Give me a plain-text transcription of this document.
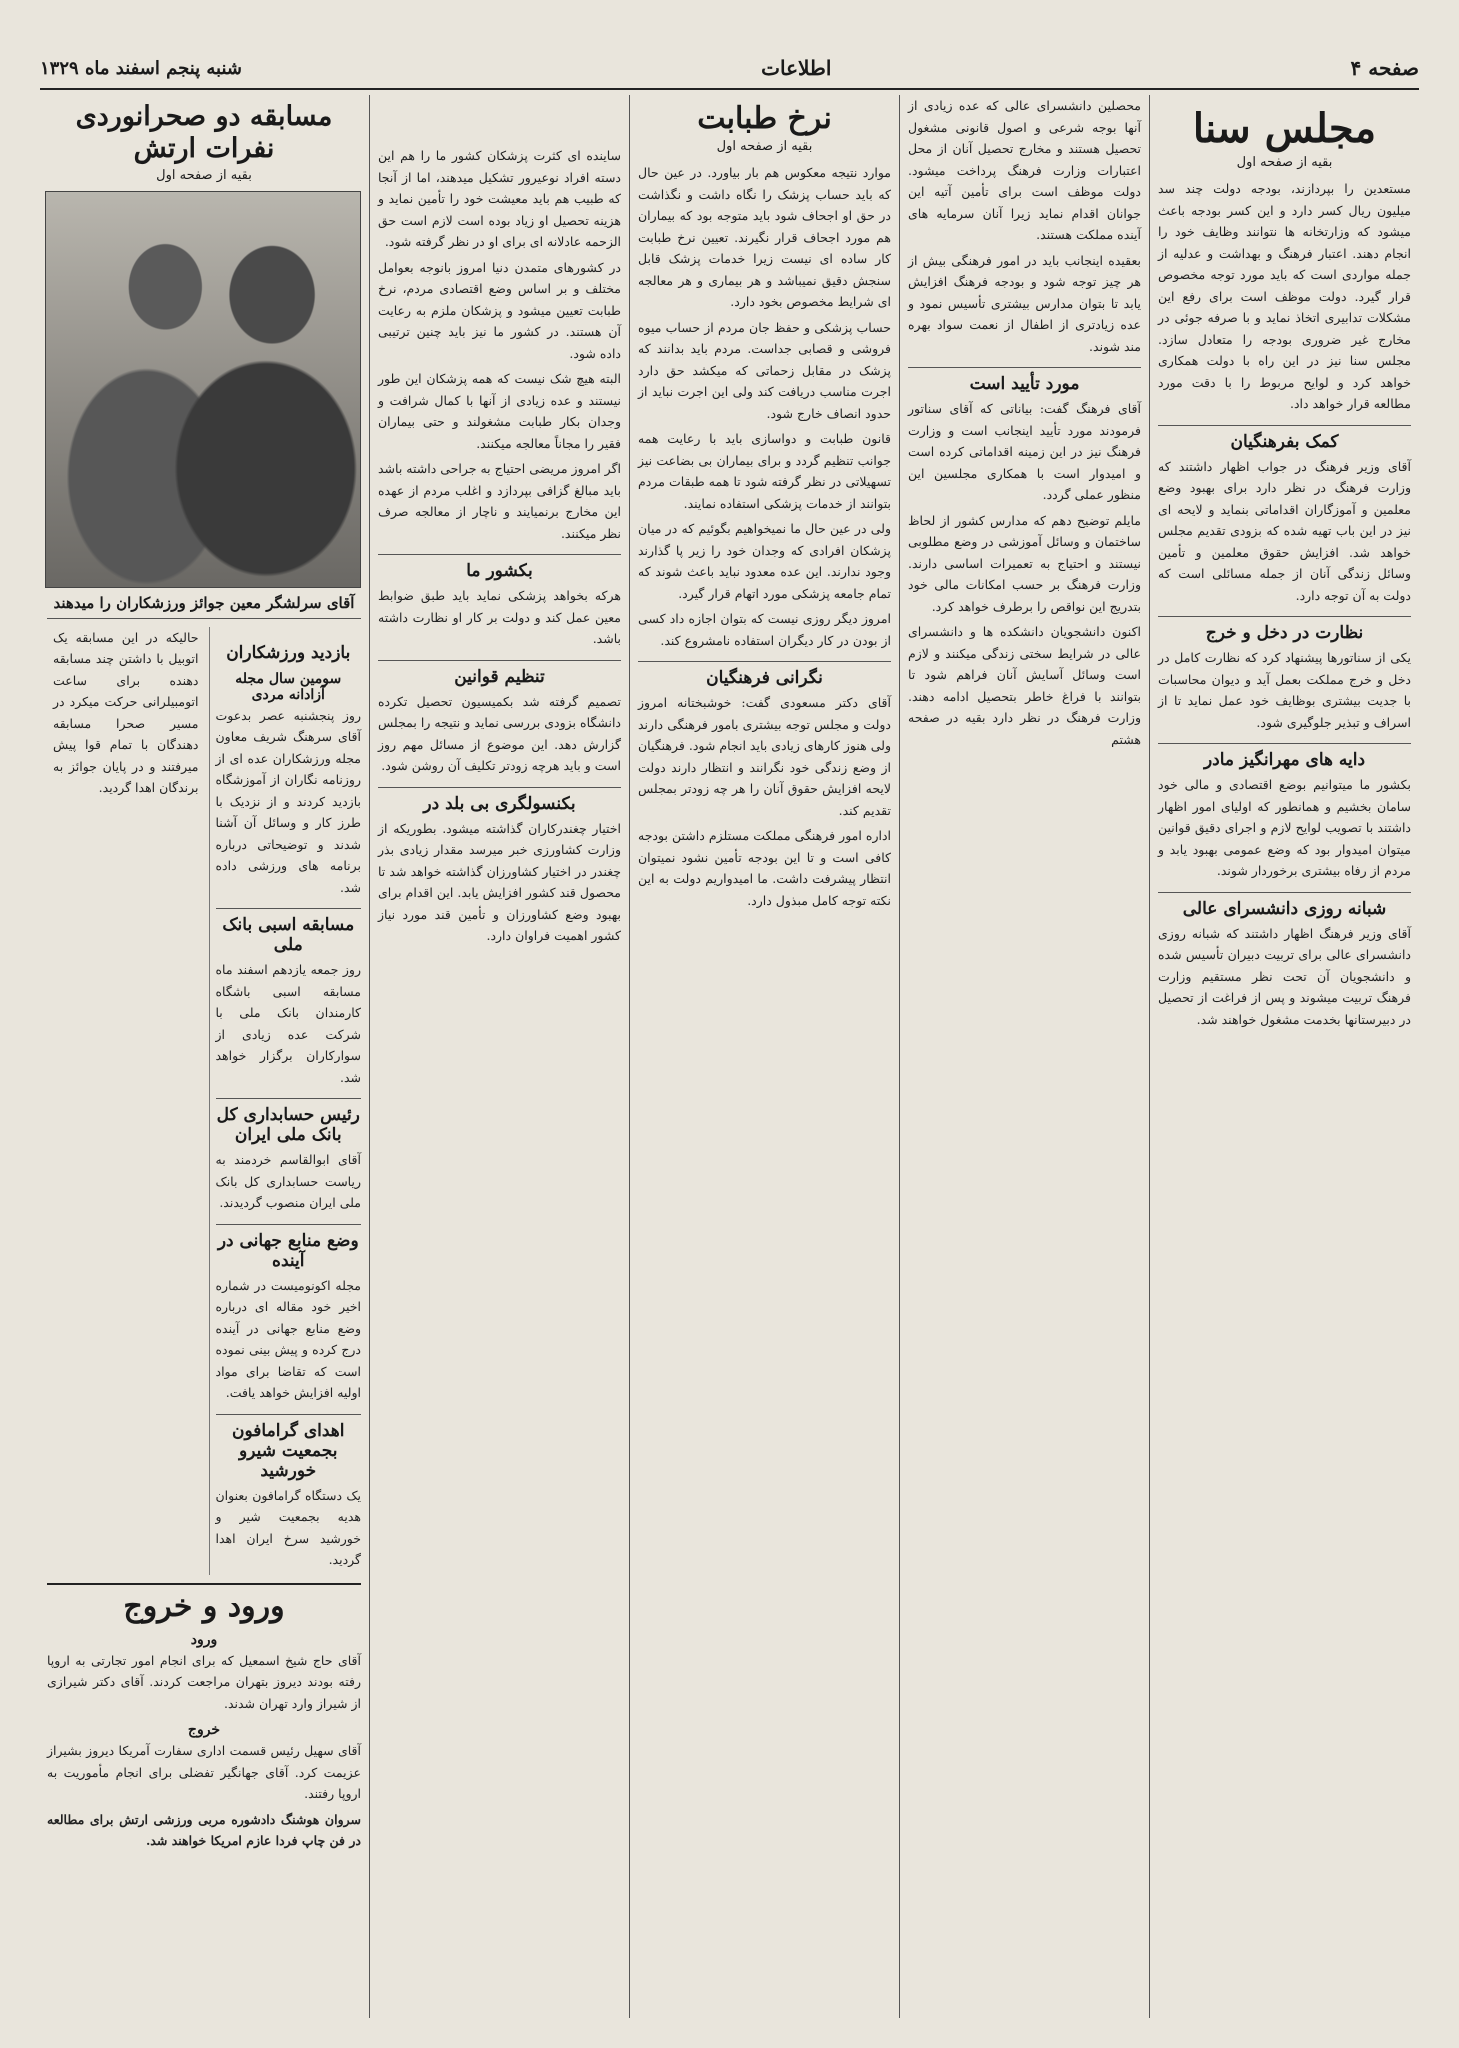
صفحه ۴
اطلاعات
شنبه پنجم اسفند ماه ۱۳۲۹
مجلس سنا
بقیه از صفحه اول

مستعدین را بپردازند، بودجه دولت چند سد میلیون ریال کسر دارد و این کسر بودجه باعث میشود که وزارتخانه ها نتوانند وظایف خود را انجام دهند. اعتبار فرهنگ و بهداشت و عدلیه از جمله مواردی است که باید مورد توجه مخصوص قرار گیرد. دولت موظف است برای رفع این مشکلات تدابیری اتخاذ نماید و با صرفه جوئی در مخارج غیر ضروری بودجه را متعادل سازد. مجلس سنا نیز در این راه با دولت همکاری خواهد کرد و لوایح مربوط را با دقت مورد مطالعه قرار خواهد داد.

کمک بفرهنگیان

آقای وزیر فرهنگ در جواب اظهار داشتند که وزارت فرهنگ در نظر دارد برای بهبود وضع معلمین و آموزگاران اقداماتی بنماید و لایحه ای نیز در این باب تهیه شده که بزودی تقدیم مجلس خواهد شد. افزایش حقوق معلمین و تأمین وسائل زندگی آنان از جمله مسائلی است که دولت به آن توجه دارد.

نظارت در دخل و خرج

یکی از سناتورها پیشنهاد کرد که نظارت کامل در دخل و خرج مملکت بعمل آید و دیوان محاسبات با جدیت بیشتری بوظایف خود عمل نماید تا از اسراف و تبذیر جلوگیری شود.

دایه های مهرانگیز مادر

بکشور ما میتوانیم بوضع اقتصادی و مالی خود سامان بخشیم و همانطور که اولیای امور اظهار داشتند با تصویب لوایح لازم و اجرای دقیق قوانین میتوان امیدوار بود که وضع عمومی بهبود یابد و مردم از رفاه بیشتری برخوردار شوند.

شبانه روزی دانشسرای عالی

آقای وزیر فرهنگ اظهار داشتند که شبانه روزی دانشسرای عالی برای تربیت دبیران تأسیس شده و دانشجویان آن تحت نظر مستقیم وزارت فرهنگ تربیت میشوند و پس از فراغت از تحصیل در دبیرستانها بخدمت مشغول خواهند شد.

محصلین دانشسرای عالی که عده زیادی از آنها بوجه شرعی و اصول قانونی مشغول تحصیل هستند و مخارج تحصیل آنان از محل اعتبارات وزارت فرهنگ پرداخت میشود. دولت موظف است برای تأمین آتیه این جوانان اقدام نماید زیرا آنان سرمایه های آینده مملکت هستند.

بعقیده اینجانب باید در امور فرهنگی بیش از هر چیز توجه شود و بودجه فرهنگ افزایش یابد تا بتوان مدارس بیشتری تأسیس نمود و عده زیادتری از اطفال از نعمت سواد بهره مند شوند.

مورد تأیید است

آقای فرهنگ گفت: بیاناتی که آقای سناتور فرمودند مورد تأیید اینجانب است و وزارت فرهنگ نیز در این زمینه اقداماتی کرده است و امیدوار است با همکاری مجلسین این منظور عملی گردد.

مایلم توضیح دهم که مدارس کشور از لحاظ ساختمان و وسائل آموزشی در وضع مطلوبی نیستند و احتیاج به تعمیرات اساسی دارند. وزارت فرهنگ بر حسب امکانات مالی خود بتدریج این نواقص را برطرف خواهد کرد.

اکنون دانشجویان دانشکده ها و دانشسرای عالی در شرایط سختی زندگی میکنند و لازم است وسائل آسایش آنان فراهم شود تا بتوانند با فراغ خاطر بتحصیل ادامه دهند. وزارت فرهنگ در نظر دارد بقیه در صفحه هشتم

نرخ طبابت
بقیه از صفحه اول

موارد نتیجه معکوس هم بار بیاورد. در عین حال که باید حساب پزشک را نگاه داشت و نگذاشت در حق او اجحاف شود باید متوجه بود که بیماران هم مورد اجحاف قرار نگیرند. تعیین نرخ طبابت کار ساده ای نیست زیرا خدمات پزشک قابل سنجش دقیق نمیباشد و هر بیماری و هر معالجه ای شرایط مخصوص بخود دارد.

حساب پزشکی و حفظ جان مردم از حساب میوه فروشی و قصابی جداست. مردم باید بدانند که پزشک در مقابل زحماتی که میکشد حق دارد اجرت مناسب دریافت کند ولی این اجرت نباید از حدود انصاف خارج شود.

قانون طبابت و دواسازی باید با رعایت همه جوانب تنظیم گردد و برای بیماران بی بضاعت نیز تسهیلاتی در نظر گرفته شود تا همه طبقات مردم بتوانند از خدمات پزشکی استفاده نمایند.

ولی در عین حال ما نمیخواهیم بگوئیم که در میان پزشکان افرادی که وجدان خود را زیر پا گذارند وجود ندارند. این عده معدود نباید باعث شوند که تمام جامعه پزشکی مورد اتهام قرار گیرد.

امروز دیگر روزی نیست که بتوان اجازه داد کسی از بودن در کار دیگران استفاده نامشروع کند.

نگرانی فرهنگیان

آقای دکتر مسعودی گفت: خوشبختانه امروز دولت و مجلس توجه بیشتری بامور فرهنگی دارند ولی هنوز کارهای زیادی باید انجام شود. فرهنگیان از وضع زندگی خود نگرانند و انتظار دارند دولت لایحه افزایش حقوق آنان را هر چه زودتر بمجلس تقدیم کند.

اداره امور فرهنگی مملکت مستلزم داشتن بودجه کافی است و تا این بودجه تأمین نشود نمیتوان انتظار پیشرفت داشت. ما امیدواریم دولت به این نکته توجه کامل مبذول دارد.

ساینده ای کثرت پزشکان کشور ما را هم این دسته افراد نوعیرور تشکیل میدهند، اما از آنجا که طبیب هم باید معیشت خود را تأمین نماید و هزینه تحصیل او زیاد بوده است لازم است حق الزحمه عادلانه ای برای او در نظر گرفته شود.

در کشورهای متمدن دنیا امروز بانوجه بعوامل مختلف و بر اساس وضع اقتصادی مردم، نرخ طبابت تعیین میشود و پزشکان ملزم به رعایت آن هستند. در کشور ما نیز باید چنین ترتیبی داده شود.

البته هیچ شک نیست که همه پزشکان این طور نیستند و عده زیادی از آنها با کمال شرافت و وجدان بکار طبابت مشغولند و حتی بیماران فقیر را مجاناً معالجه میکنند.

اگر امروز مریضی احتیاج به جراحی داشته باشد باید مبالغ گزافی بپردازد و اغلب مردم از عهده این مخارج برنمیایند و ناچار از معالجه صرف نظر میکنند.

بکشور ما

هرکه بخواهد پزشکی نماید باید طبق ضوابط معین عمل کند و دولت بر کار او نظارت داشته باشد.

تنظیم قوانین

تصمیم گرفته شد بکمیسیون تحصیل تکرده دانشگاه بزودی بررسی نماید و نتیجه را بمجلس گزارش دهد. این موضوع از مسائل مهم روز است و باید هرچه زودتر تکلیف آن روشن شود.

بکنسولگری بی بلد در

اختیار چغندرکاران گذاشته میشود. بطوریکه از وزارت کشاورزی خبر میرسد مقدار زیادی بذر چغندر در اختیار کشاورزان گذاشته خواهد شد تا محصول قند کشور افزایش یابد. این اقدام برای بهبود وضع کشاورزان و تأمین قند مورد نیاز کشور اهمیت فراوان دارد.

مسابقه دو صحرانوردی نفرات ارتش
بقیه از صفحه اول
آقای سرلشگر معین جوائز ورزشکاران را میدهند
بازدید ورزشکاران
سومین سال مجله آزادانه مردی

روز پنجشنبه عصر بدعوت آقای سرهنگ شریف معاون مجله ورزشکاران عده ای از روزنامه نگاران از آموزشگاه بازدید کردند و از نزدیک با طرز کار و وسائل آن آشنا شدند و توضیحاتی درباره برنامه های ورزشی داده شد.

مسابقه اسبی بانک ملی

روز جمعه یازدهم اسفند ماه مسابقه اسبی باشگاه کارمندان بانک ملی با شرکت عده زیادی از سوارکاران برگزار خواهد شد.

رئیس حسابداری کل بانک ملی ایران

آقای ابوالقاسم خردمند به ریاست حسابداری کل بانک ملی ایران منصوب گردیدند.

وضع منابع جهانی در آینده

مجله اکونومیست در شماره اخیر خود مقاله ای درباره وضع منابع جهانی در آینده درج کرده و پیش بینی نموده است که تقاضا برای مواد اولیه افزایش خواهد یافت.

اهدای گرامافون بجمعیت شیرو خورشید

یک دستگاه گرامافون بعنوان هدیه بجمعیت شیر و خورشید سرخ ایران اهدا گردید.

حالیکه در این مسابقه یک اتوبیل با داشتن چند مسابقه دهنده برای ساعت اتومبیلرانی حرکت میکرد در مسیر صحرا مسابقه دهندگان با تمام قوا پیش میرفتند و در پایان جوائز به برندگان اهدا گردید.

ورود و خروج
ورود

آقای حاج شیخ اسمعیل که برای انجام امور تجارتی به اروپا رفته بودند دیروز بتهران مراجعت کردند. آقای دکتر شیرازی از شیراز وارد تهران شدند.

خروج

آقای سهیل رئیس قسمت اداری سفارت آمریکا دیروز بشیراز عزیمت کرد. آقای جهانگیر تفضلی برای انجام مأموریت به اروپا رفتند.

سروان هوشنگ دادشوره مربی ورزشی ارتش برای مطالعه در فن چاپ فردا عازم امریکا خواهند شد.
